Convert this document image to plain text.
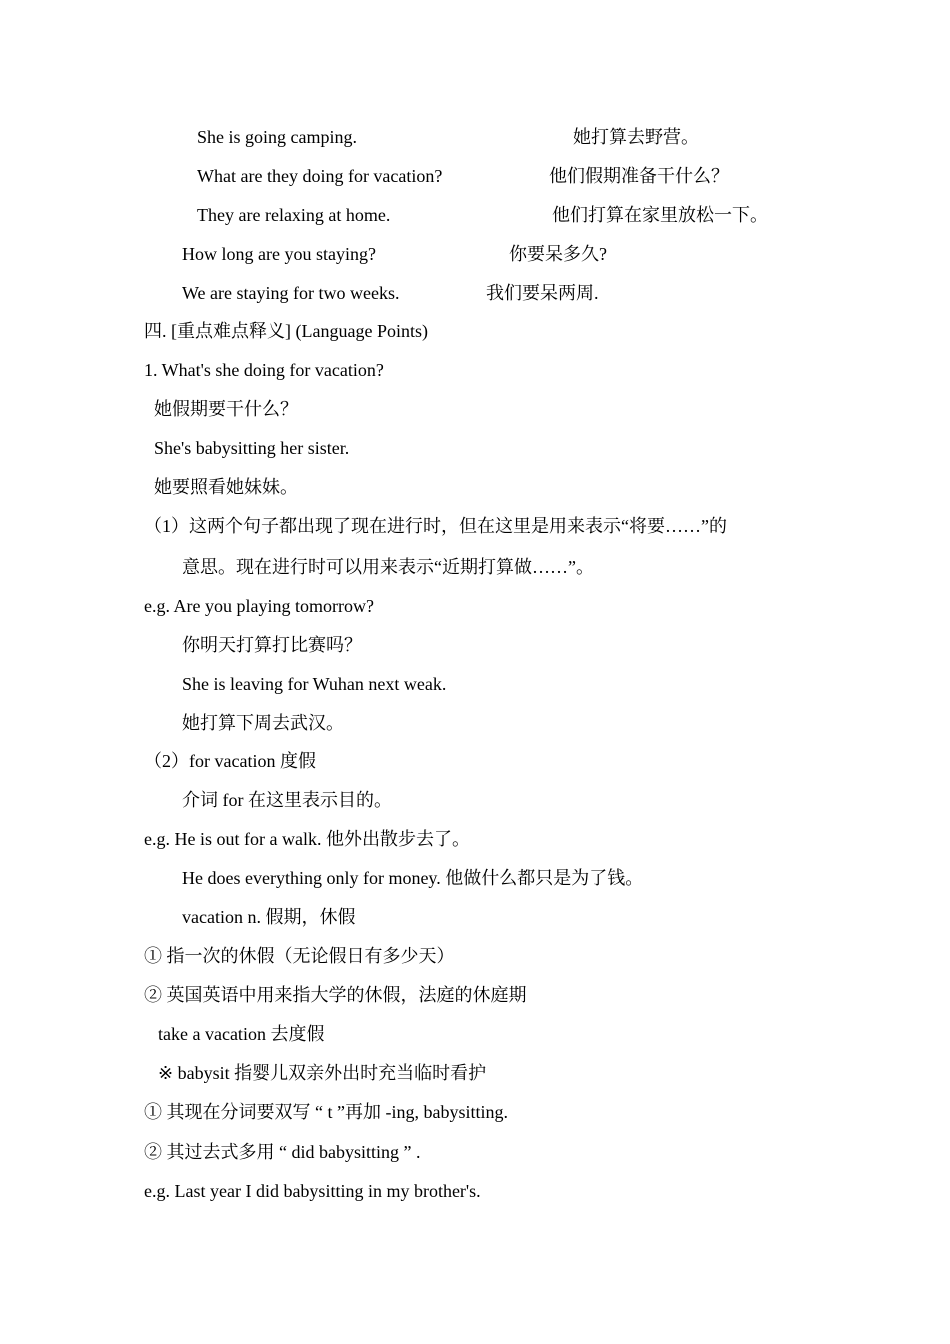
She is going camping.	她打算去野营。
What are they doing for vacation?	他们假期准备干什么？
They are relaxing at home.	他们打算在家里放松一下。
How long are you staying?	你要呆多久?
We are staying for two weeks.	我们要呆两周.
四. [重点难点释义] (Language Points)
1. What's she doing for vacation?
她假期要干什么？
She's babysitting her sister.
她要照看她妹妹。
（1）这两个句子都出现了现在进行时，但在这里是用来表示“将要……”的
意思。现在进行时可以用来表示“近期打算做……”。
e.g. Are you playing tomorrow?
你明天打算打比赛吗？
She is leaving for Wuhan next weak.
她打算下周去武汉。
（2）for vacation 度假
介词 for 在这里表示目的。
e.g. He is out for a walk. 他外出散步去了。
He does everything only for money. 他做什么都只是为了钱。
vacation n. 假期，休假
① 指一次的休假（无论假日有多少天）
② 英国英语中用来指大学的休假，法庭的休庭期
take a vacation 去度假
※ babysit 指婴儿双亲外出时充当临时看护
① 其现在分词要双写 “ t ”再加 -ing, babysitting.
② 其过去式多用 “ did babysitting ” .
e.g. Last year I did babysitting in my brother's.
